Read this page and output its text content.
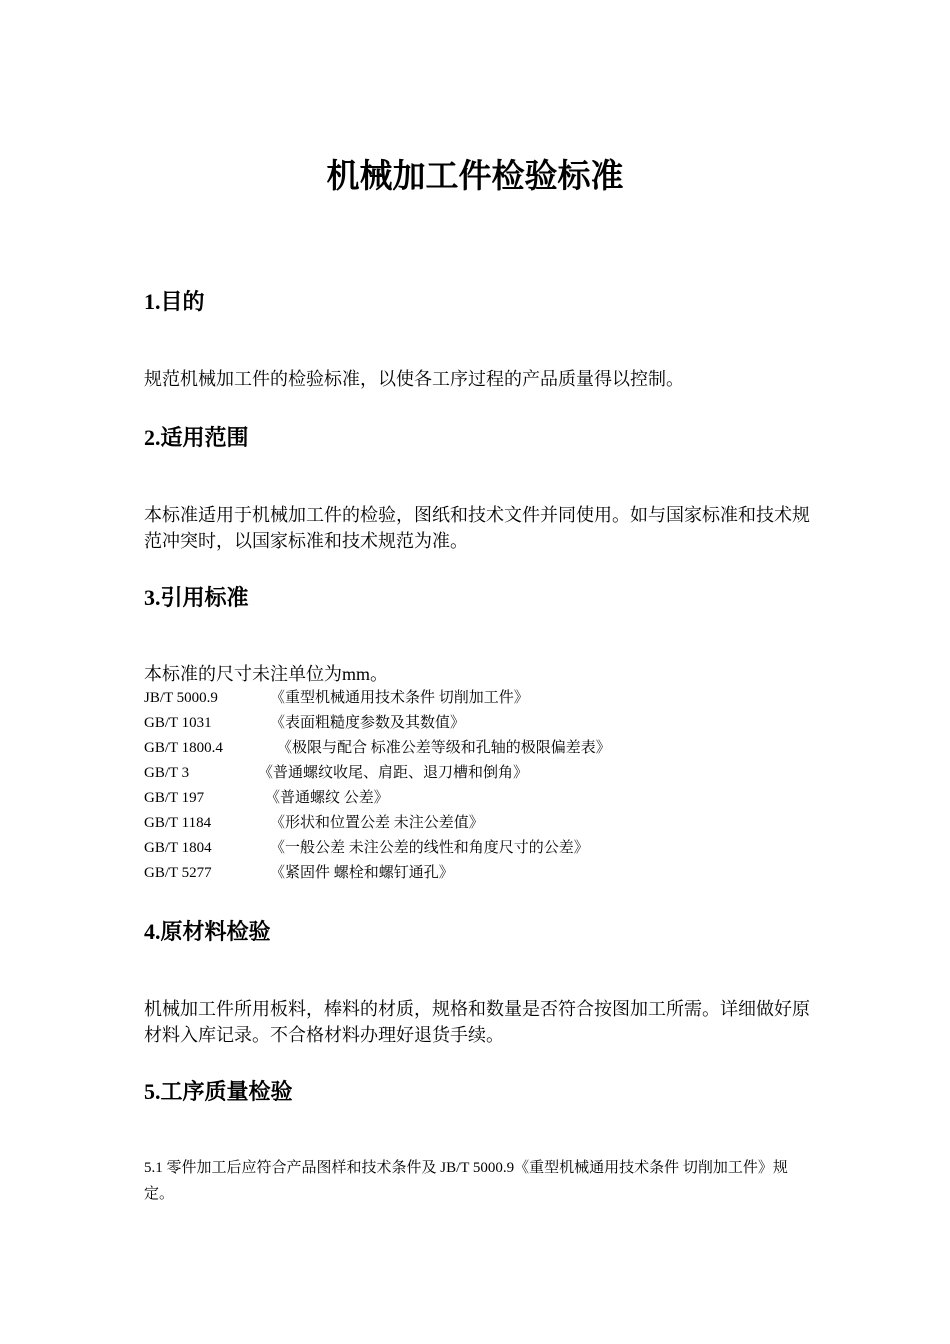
机械加工件检验标准
1.目的
规范机械加工件的检验标准，以使各工序过程的产品质量得以控制。
2.适用范围
本标准适用于机械加工件的检验，图纸和技术文件并同使用。如与国家标准和技术规范冲突时，以国家标准和技术规范为准。
3.引用标准
本标准的尺寸未注单位为mm。
JB/T 5000.9	《重型机械通用技术条件 切削加工件》
GB/T 1031	《表面粗糙度参数及其数值》
GB/T 1800.4	《极限与配合 标准公差等级和孔轴的极限偏差表》
GB/T 3	《普通螺纹收尾、肩距、退刀槽和倒角》
GB/T 197	《普通螺纹 公差》
GB/T 1184	《形状和位置公差 未注公差值》
GB/T 1804	《一般公差 未注公差的线性和角度尺寸的公差》
GB/T 5277	《紧固件 螺栓和螺钉通孔》
4.原材料检验
机械加工件所用板料，棒料的材质，规格和数量是否符合按图加工所需。详细做好原材料入库记录。不合格材料办理好退货手续。
5.工序质量检验
5.1 零件加工后应符合产品图样和技术条件及 JB/T 5000.9《重型机械通用技术条件 切削加工件》规定。
